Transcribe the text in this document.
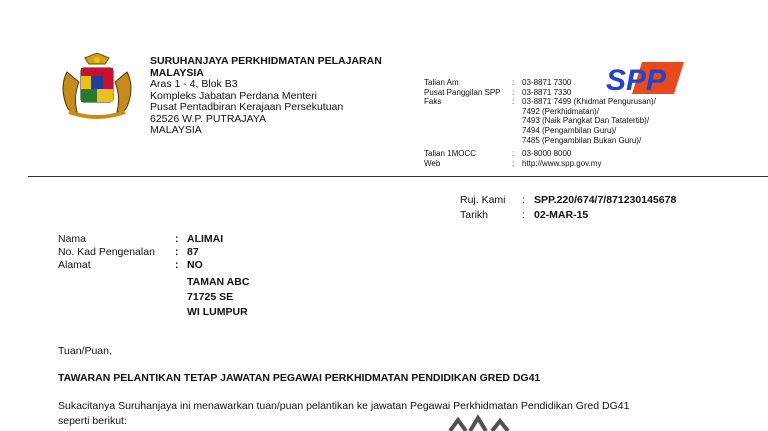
SURUHANJAYA PERKHIDMATAN PELAJARAN
MALAYSIA
Aras 1 - 4, Blok B3
Kompleks Jabatan Perdana Menteri
Pusat Pentadbiran Kerajaan Persekutuan
62526 W.P. PUTRAJAYA
MALAYSIA
Talian Am	: 03-8871 7300
Pusat Panggilan SPP	: 03-8871 7330
Faks	: 03-8871 7499 (Khidmat Pengurusan)/
7492 (Perkhidmatan)/
7493 (Naik Pangkat Dan Tatatertib)/
7494 (Pengambilan Guru)/
7485 (Pengambilan Bukan Guru)/
Talian 1MOCC	: 03-8000 8000
Web	: http://www.spp.gov.my
SPP
Ruj. Kami	: SPP.220/674/7/871230145678
Tarikh	: 02-MAR-15
Nama	: ALIMAI
No. Kad Pengenalan	: 87
Alamat	: NO
TAMAN ABC
71725 SE
WI LUMPUR
Tuan/Puan,
TAWARAN PELANTIKAN TETAP JAWATAN PEGAWAI PERKHIDMATAN PENDIDIKAN GRED DG41
Sukacitanya Suruhanjaya ini menawarkan tuan/puan pelantikan ke jawatan Pegawai Perkhidmatan Pendidikan Gred DG41
seperti berikut:
